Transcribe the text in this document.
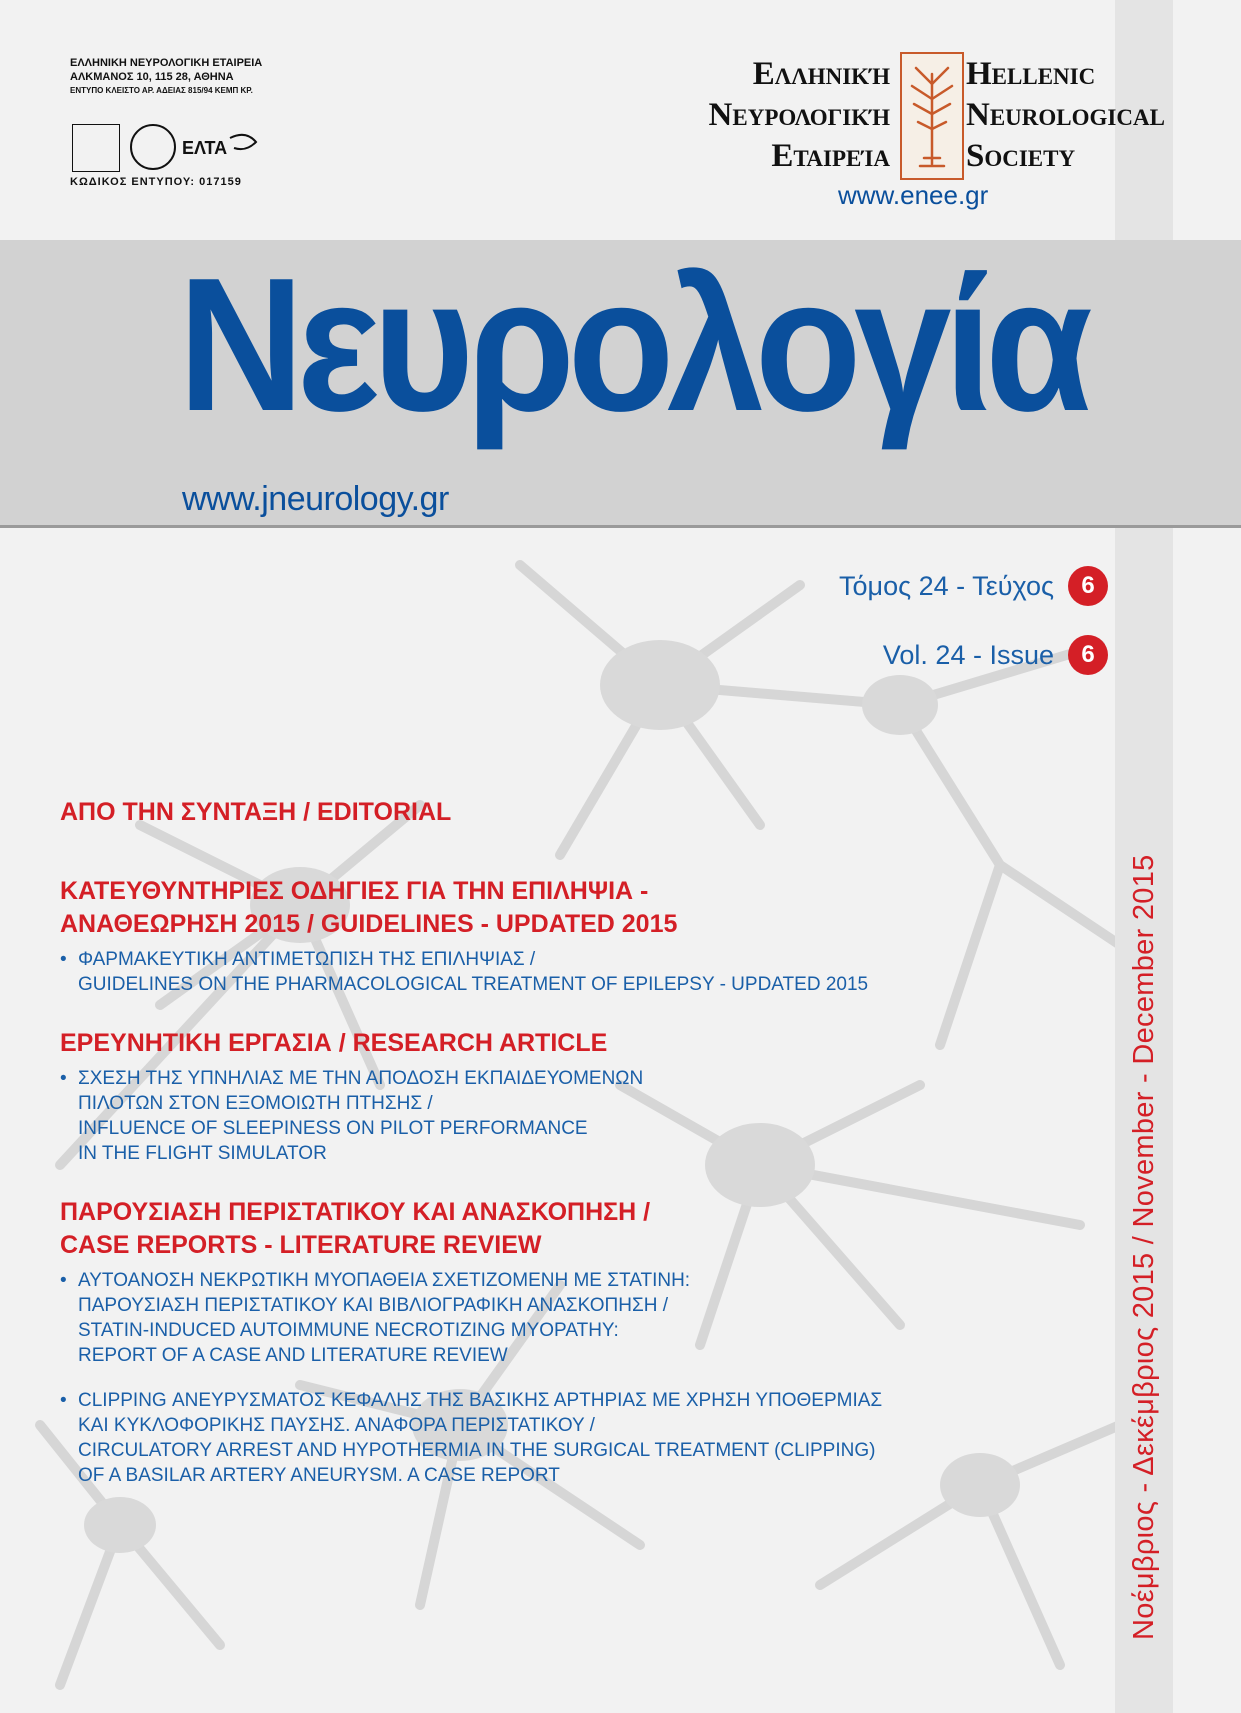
ΕΛΛΗΝΙΚΗ ΝΕΥΡΟΛΟΓΙΚΗ ΕΤΑΙΡΕΙΑ
ΑΛΚΜΑΝΟΣ 10, 115 28, ΑΘΗΝΑ
ΕΝΤΥΠΟ ΚΛΕΙΣΤΟ ΑΡ. ΑΔΕΙΑΣ 815/94 ΚΕΜΠ ΚΡ.
ΕΛΤΑ
ΚΩΔΙΚΟΣ ΕΝΤΥΠΟΥ: 017159
Ελληνική
Νευρολογική
Εταιρεία
Hellenic
Neurological
Society
www.enee.gr
Νευρολογία
www.jneurology.gr
Τόμος 24 - Τεύχος	6
Vol. 24 - Issue	6
Νοέμβριος - Δεκέμβριος 2015 / November - December 2015
ΑΠΟ ΤΗΝ ΣΥΝΤΑΞΗ / EDITORIAL
ΚΑΤΕΥΘΥΝΤΗΡΙΕΣ ΟΔΗΓΙΕΣ ΓΙΑ ΤΗΝ ΕΠΙΛΗΨΙΑ -
ΑΝΑΘΕΩΡΗΣΗ 2015 / GUIDELINES - UPDATED 2015
• ΦΑΡΜΑΚΕΥΤΙΚΗ ΑΝΤΙΜΕΤΩΠΙΣΗ ΤΗΣ ΕΠΙΛΗΨΙΑΣ /
GUIDELINES ON THE PHARMACOLOGICAL TREATMENT OF EPILEPSY - UPDATED 2015
ΕΡΕΥΝΗΤΙΚΗ ΕΡΓΑΣΙΑ / RESEARCH ARTICLE
• ΣΧΕΣΗ ΤΗΣ ΥΠΝΗΛΙΑΣ ΜΕ ΤΗΝ ΑΠΟΔΟΣΗ ΕΚΠΑΙΔΕΥΟΜΕΝΩΝ
ΠΙΛΟΤΩΝ ΣΤΟΝ ΕΞΟΜΟΙΩΤΗ ΠΤΗΣΗΣ /
INFLUENCE OF SLEEPINESS ON PILOT PERFORMANCE
IN THE FLIGHT SIMULATOR
ΠΑΡΟΥΣΙΑΣΗ ΠΕΡΙΣΤΑΤΙΚΟΥ ΚΑΙ ΑΝΑΣΚΟΠΗΣΗ /
CASE REPORTS - LITERATURE REVIEW
• ΑΥΤΟΑΝΟΣΗ ΝΕΚΡΩΤΙΚΗ ΜΥΟΠΑΘΕΙΑ ΣΧΕΤΙΖΟΜΕΝΗ ΜΕ ΣΤΑΤΙΝΗ:
ΠΑΡΟΥΣΙΑΣΗ ΠΕΡΙΣΤΑΤΙΚΟΥ ΚΑΙ ΒΙΒΛΙΟΓΡΑΦΙΚΗ ΑΝΑΣΚΟΠΗΣΗ /
STATIN-INDUCED AUTOIMMUNE NECROTIZING MYOPATHY:
REPORT OF A CASE AND LITERATURE REVIEW
• CLIPPING ΑΝΕΥΡΥΣΜΑΤΟΣ ΚΕΦΑΛΗΣ ΤΗΣ ΒΑΣΙΚΗΣ ΑΡΤΗΡΙΑΣ ΜΕ ΧΡΗΣΗ ΥΠΟΘΕΡΜΙΑΣ
ΚΑΙ ΚΥΚΛΟΦΟΡΙΚΗΣ ΠΑΥΣΗΣ. ΑΝΑΦΟΡΑ ΠΕΡΙΣΤΑΤΙΚΟΥ /
CIRCULATORY ARREST AND HYPOTHERMIA IN THE SURGICAL TREATMENT (CLIPPING)
OF A BASILAR ARTERY ANEURYSM. A CASE REPORT
